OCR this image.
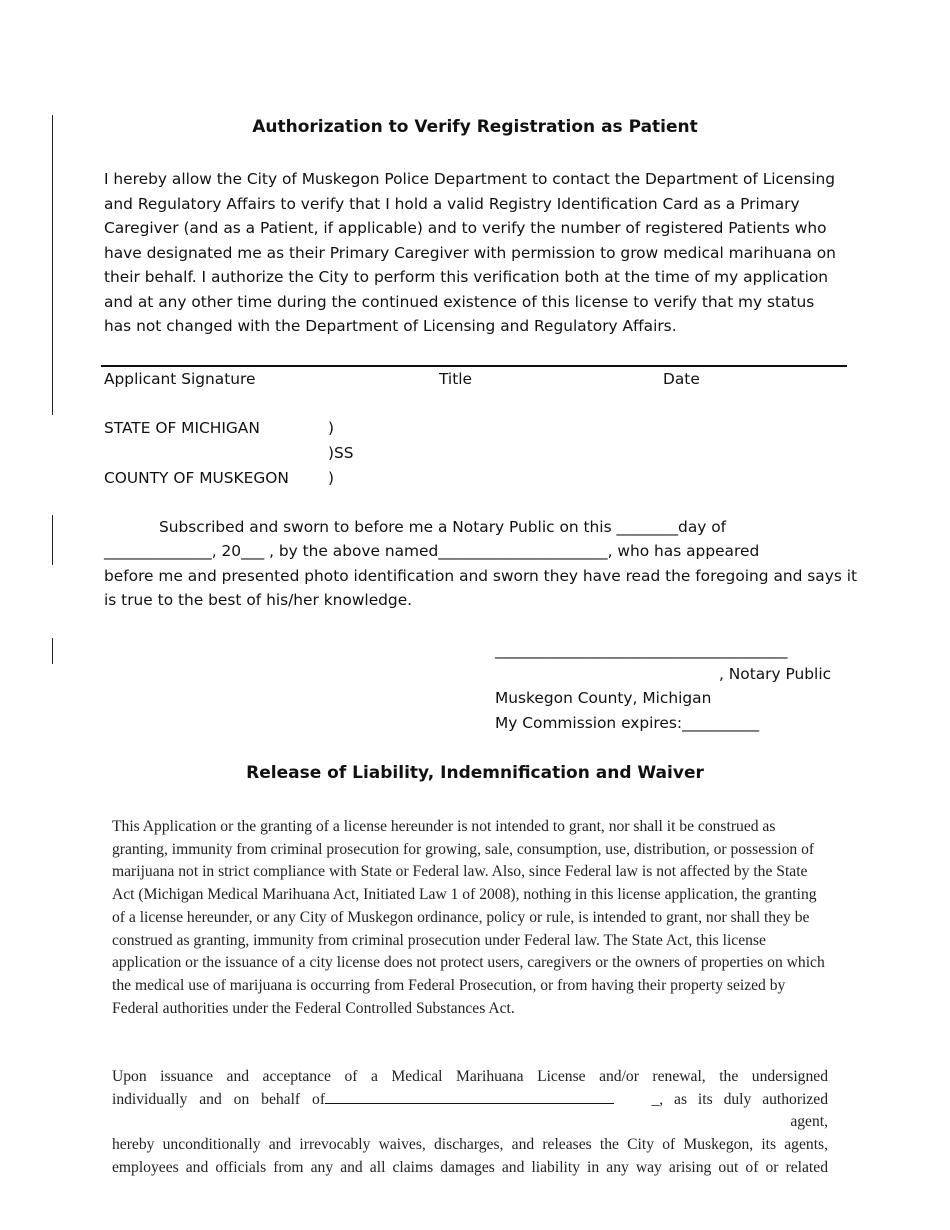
Authorization to Verify Registration as Patient

I hereby allow the City of Muskegon Police Department to contact the Department of Licensing and Regulatory Affairs to verify that I hold a valid Registry Identification Card as a Primary Caregiver (and as a Patient, if applicable) and to verify the number of registered Patients who have designated me as their Primary Caregiver with permission to grow medical marihuana on their behalf. I authorize the City to perform this verification both at the time of my application and at any other time during the continued existence of this license to verify that my status has not changed with the Department of Licensing and Regulatory Affairs.

Applicant Signature	Title	Date
STATE OF MICHIGAN	)
)SS
COUNTY OF MUSKEGON	)
Subscribed and sworn to before me a Notary Public on this ________day of
______________, 20___ , by the above named______________________, who has appeared
before me and presented photo identification and sworn they have read the foregoing and says it
is true to the best of his/her knowledge.
______________________________________
, Notary Public
Muskegon County, Michigan
My Commission expires:__________
Release of Liability, Indemnification and Waiver

This Application or the granting of a license hereunder is not intended to grant, nor shall it be construed as granting, immunity from criminal prosecution for growing, sale, consumption, use, distribution, or possession of marijuana not in strict compliance with State or Federal law. Also, since Federal law is not affected by the State Act (Michigan Medical Marihuana Act, Initiated Law 1 of 2008), nothing in this license application, the granting of a license hereunder, or any City of Muskegon ordinance, policy or rule, is intended to grant, nor shall they be construed as granting, immunity from criminal prosecution under Federal law. The State Act, this license application or the issuance of a city license does not protect users, caregivers or the owners of properties on which the medical use of marijuana is occurring from Federal Prosecution, or from having their property seized by Federal authorities under the Federal Controlled Substances Act.

Upon issuance and acceptance of a Medical Marihuana License and/or renewal, the undersigned
individually and on behalf of	_, as its duly authorized agent,
hereby unconditionally and irrevocably waives, discharges, and releases the City of Muskegon, its agents,
employees and officials from any and all claims damages and liability in any way arising out of or related
